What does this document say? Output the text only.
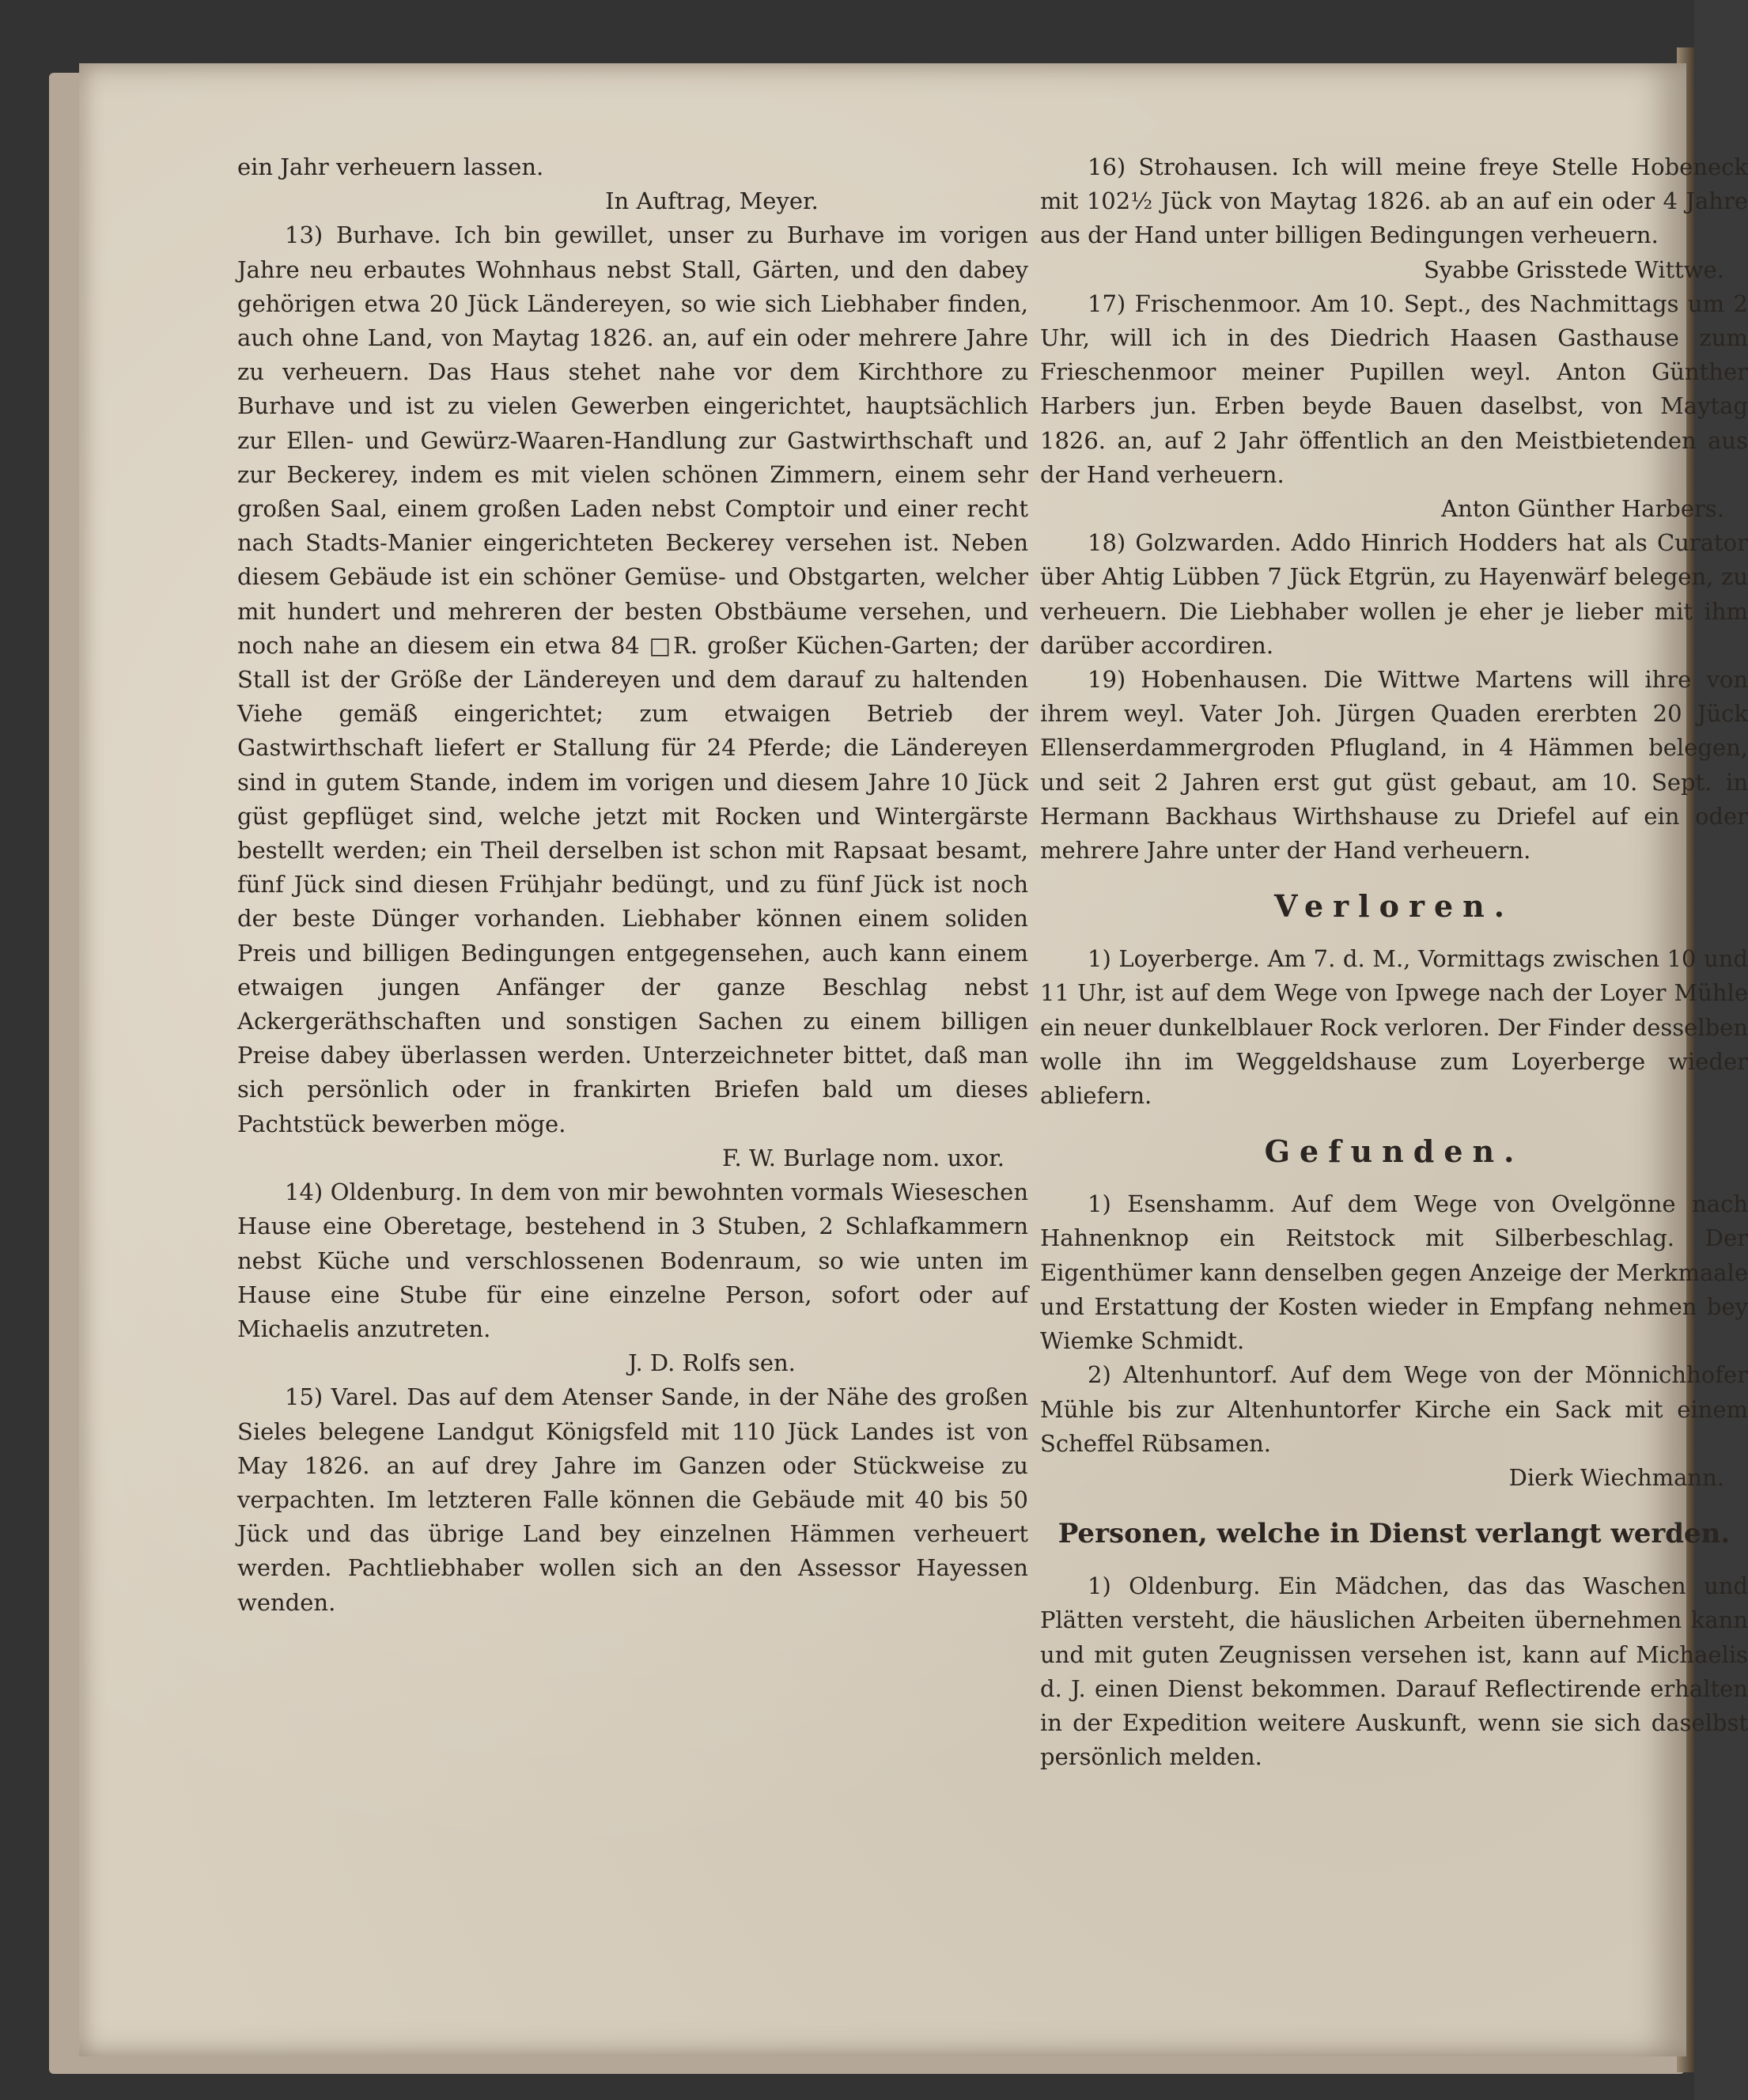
ein Jahr verheuern lassen.

In Auftrag, Meyer.

13) Burhave. Ich bin gewillet, unser zu Burhave im vorigen Jahre neu erbautes Wohnhaus nebst Stall, Gärten, und den dabey gehörigen etwa 20 Jück Ländereyen, so wie sich Liebhaber finden, auch ohne Land, von Maytag 1826. an, auf ein oder mehrere Jahre zu verheuern. Das Haus stehet nahe vor dem Kirchthore zu Burhave und ist zu vielen Gewerben eingerichtet, hauptsächlich zur Ellen- und Gewürz-Waaren-Handlung zur Gastwirthschaft und zur Beckerey, indem es mit vielen schönen Zimmern, einem sehr großen Saal, einem großen Laden nebst Comptoir und einer recht nach Stadts-Manier eingerichteten Beckerey versehen ist. Neben diesem Gebäude ist ein schöner Gemüse- und Obstgarten, welcher mit hundert und mehreren der besten Obstbäume versehen, und noch nahe an diesem ein etwa 84 □R. großer Küchen-Garten; der Stall ist der Größe der Ländereyen und dem darauf zu haltenden Viehe gemäß eingerichtet; zum etwaigen Betrieb der Gastwirthschaft liefert er Stallung für 24 Pferde; die Ländereyen sind in gutem Stande, indem im vorigen und diesem Jahre 10 Jück güst gepflüget sind, welche jetzt mit Rocken und Wintergärste bestellt werden; ein Theil derselben ist schon mit Rapsaat besamt, fünf Jück sind diesen Frühjahr bedüngt, und zu fünf Jück ist noch der beste Dünger vorhanden. Liebhaber können einem soliden Preis und billigen Bedingungen entgegensehen, auch kann einem etwaigen jungen Anfänger der ganze Beschlag nebst Ackergeräthschaften und sonstigen Sachen zu einem billigen Preise dabey überlassen werden. Unterzeichneter bittet, daß man sich persönlich oder in frankirten Briefen bald um dieses Pachtstück bewerben möge.

F. W. Burlage nom. uxor.

14) Oldenburg. In dem von mir bewohnten vormals Wieseschen Hause eine Oberetage, bestehend in 3 Stuben, 2 Schlafkammern nebst Küche und verschlossenen Bodenraum, so wie unten im Hause eine Stube für eine einzelne Person, sofort oder auf Michaelis anzutreten.

J. D. Rolfs sen.

15) Varel. Das auf dem Atenser Sande, in der Nähe des großen Sieles belegene Landgut Königsfeld mit 110 Jück Landes ist von May 1826. an auf drey Jahre im Ganzen oder Stückweise zu verpachten. Im letzteren Falle können die Gebäude mit 40 bis 50 Jück und das übrige Land bey einzelnen Hämmen verheuert werden. Pachtliebhaber wollen sich an den Assessor Hayessen wenden.

16) Strohausen. Ich will meine freye Stelle Hobeneck mit 102½ Jück von Maytag 1826. ab an auf ein oder 4 Jahre aus der Hand unter billigen Bedingungen verheuern.

Syabbe Grisstede Wittwe.

17) Frischenmoor. Am 10. Sept., des Nachmittags um 2 Uhr, will ich in des Diedrich Haasen Gasthause zum Frieschenmoor meiner Pupillen weyl. Anton Günther Harbers jun. Erben beyde Bauen daselbst, von Maytag 1826. an, auf 2 Jahr öffentlich an den Meistbietenden aus der Hand verheuern.

Anton Günther Harbers.

18) Golzwarden. Addo Hinrich Hodders hat als Curator über Ahtig Lübben 7 Jück Etgrün, zu Hayenwärf belegen, zu verheuern. Die Liebhaber wollen je eher je lieber mit ihm darüber accordiren.

19) Hobenhausen. Die Wittwe Martens will ihre von ihrem weyl. Vater Joh. Jürgen Quaden ererbten 20 Jück Ellenserdammergroden Pflugland, in 4 Hämmen belegen, und seit 2 Jahren erst gut güst gebaut, am 10. Sept. in Hermann Backhaus Wirthshause zu Driefel auf ein oder mehrere Jahre unter der Hand verheuern.

Verloren.

1) Loyerberge. Am 7. d. M., Vormittags zwischen 10 und 11 Uhr, ist auf dem Wege von Ipwege nach der Loyer Mühle ein neuer dunkelblauer Rock verloren. Der Finder desselben wolle ihn im Weggeldshause zum Loyerberge wieder abliefern.

Gefunden.

1) Esenshamm. Auf dem Wege von Ovelgönne nach Hahnenknop ein Reitstock mit Silberbeschlag. Der Eigenthümer kann denselben gegen Anzeige der Merkmaale und Erstattung der Kosten wieder in Empfang nehmen bey Wiemke Schmidt.

2) Altenhuntorf. Auf dem Wege von der Mönnichhofer Mühle bis zur Altenhuntorfer Kirche ein Sack mit einem Scheffel Rübsamen.

Dierk Wiechmann.

Personen, welche in Dienst verlangt werden.

1) Oldenburg. Ein Mädchen, das das Waschen und Plätten versteht, die häuslichen Arbeiten übernehmen kann und mit guten Zeugnissen versehen ist, kann auf Michaelis d. J. einen Dienst bekommen. Darauf Reflectirende erhalten in der Expedition weitere Auskunft, wenn sie sich daselbst persönlich melden.
